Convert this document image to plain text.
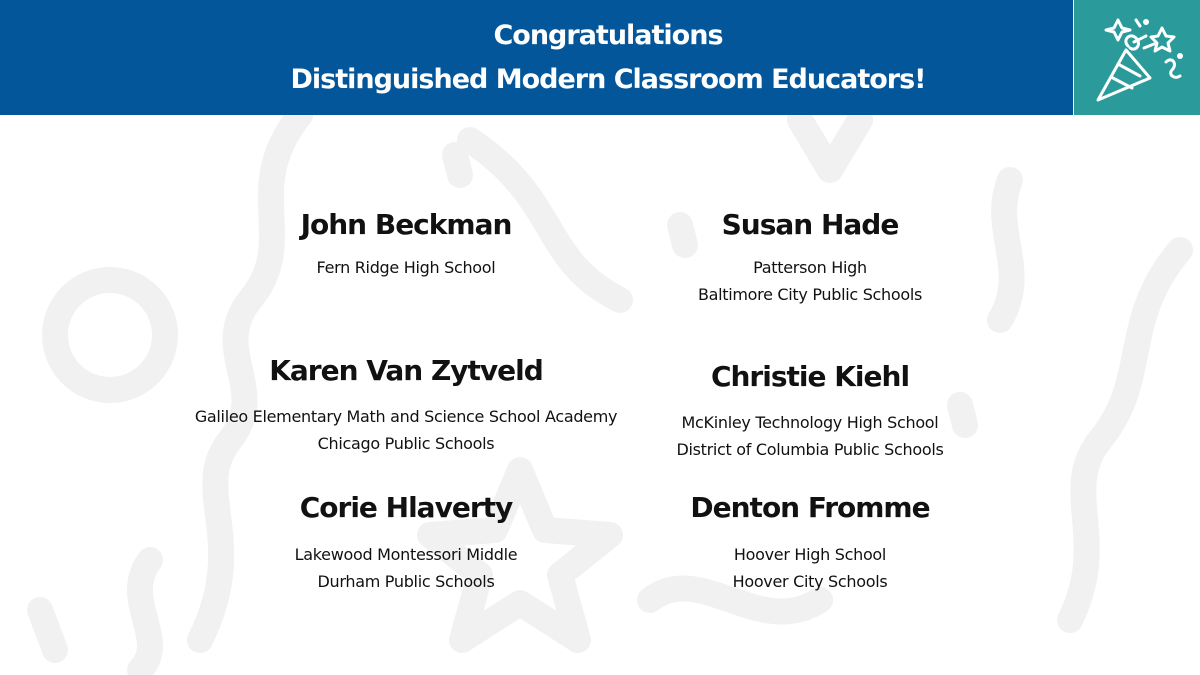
Congratulations
Distinguished Modern Classroom Educators!
John Beckman
Fern Ridge High School
Susan Hade
Patterson High
Baltimore City Public Schools
Karen Van Zytveld
Galileo Elementary Math and Science School Academy
Chicago Public Schools
Christie Kiehl
McKinley Technology High School
District of Columbia Public Schools
Corie Hlaverty
Lakewood Montessori Middle
Durham Public Schools
Denton Fromme
Hoover High School
Hoover City Schools
